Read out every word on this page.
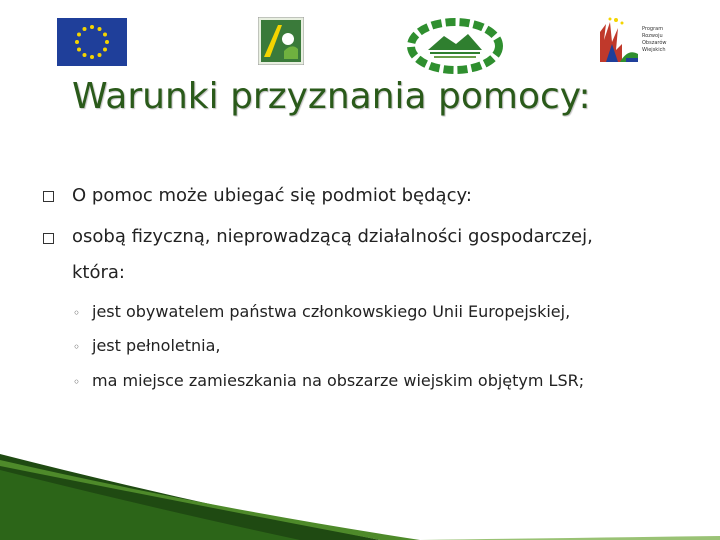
Program
Rozwoju
Obszarów
Wiejskich
Warunki przyznania pomocy:
O pomoc może ubiegać się podmiot będący:
osobą fizyczną, nieprowadzącą działalności gospodarczej,
która:
◦ jest obywatelem państwa członkowskiego Unii Europejskiej,
◦ jest pełnoletnia,
◦ ma miejsce zamieszkania na obszarze wiejskim objętym LSR;
